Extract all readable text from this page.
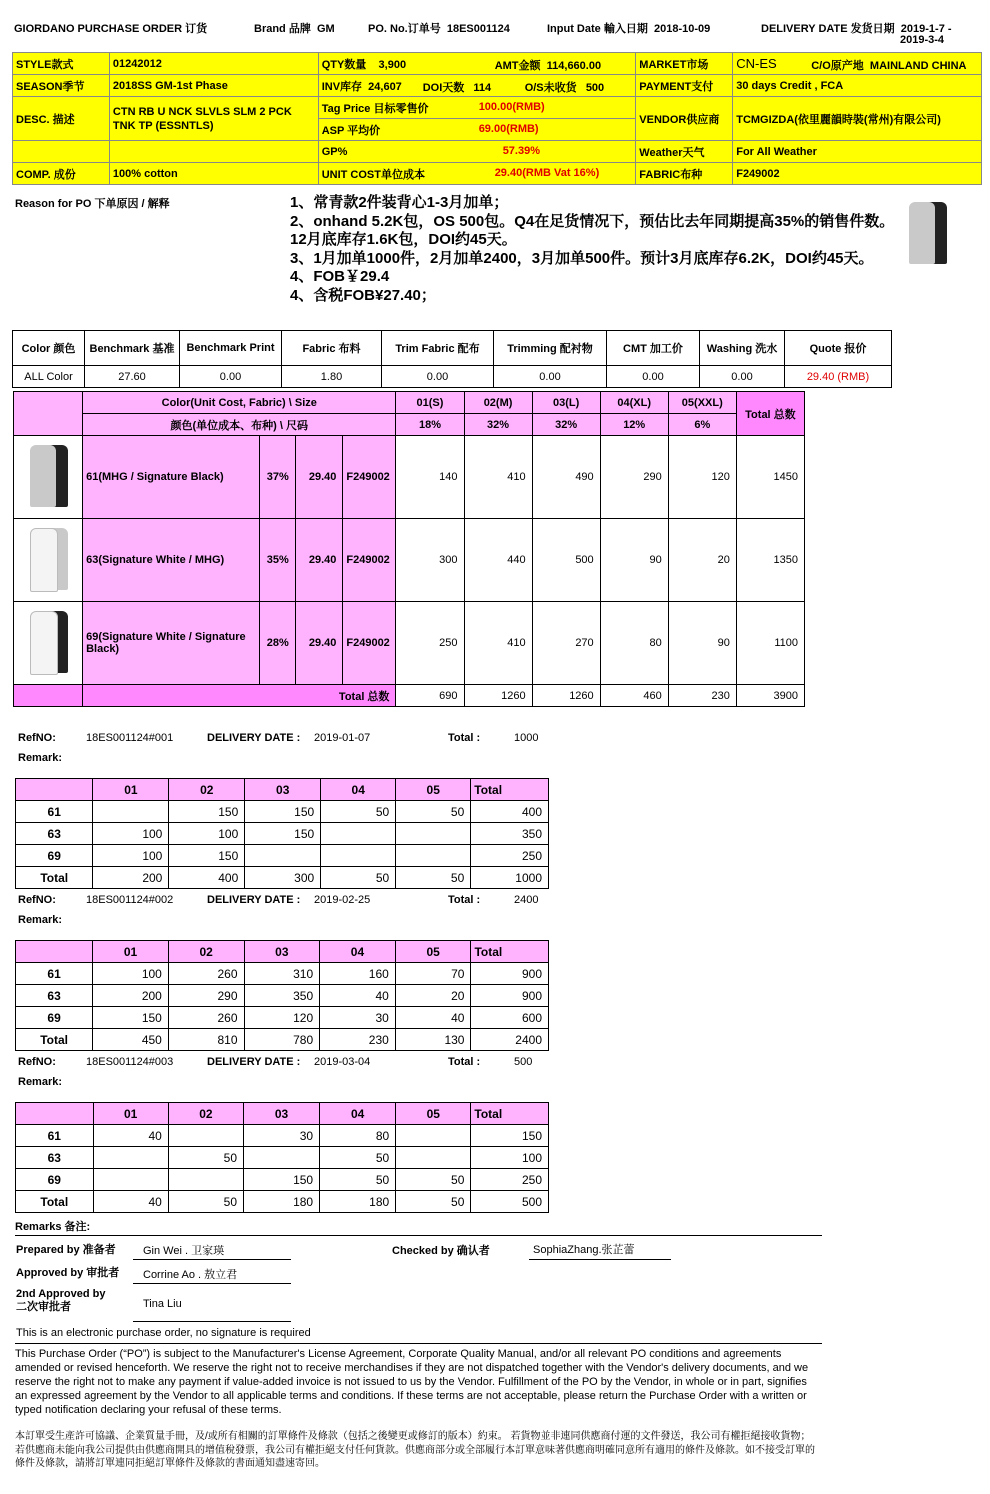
GIORDANO PURCHASE ORDER 订货	Brand 品牌 GM	PO. No.订单号 18ES001124	Input Date 輸入日期 2018-10-09	DELIVERY DATE 发货日期 2019-1-7 -
2019-3-4
STYLE款式	01242012	QTY数量 3,900 AMT金额 114,660.00	MARKET市场	CN-ES C/O原产地 MAINLAND CHINA

SEASON季节	2018SS GM-1st Phase	INV库存 24,607 DOI天数 114 O/S未收货 500	PAYMENT支付	30 days Credit , FCA
DESC. 描述	CTN RB U NCK SLVLS SLM 2 PCK TNK TP (ESSNTLS)	Tag Price 目标零售价 100.00(RMB)	VENDOR供应商	TCMGIZDA(依里麗韻時裝(常州)有限公司)
		ASP 平均价 69.00(RMB)		

		GP% 57.39%	Weather天气	For All Weather
COMP. 成份	100% cotton	UNIT COST单位成本 29.40(RMB Vat 16%)	FABRIC布种	F249002
Reason for PO 下单原因 / 解释	1、常青款2件装背心1-3月加单；
2、onhand 5.2K包，OS 500包。Q4在足货情况下，预估比去年同期提高35%的销售件数。12月底库存1.6K包，DOI约45天。
3、1月加单1000件，2月加单2400，3月加单500件。预计3月底库存6.2K，DOI约45天。
4、FOB￥29.4
4、含税FOB¥27.40；
Color 颜色	Benchmark 基准	Benchmark Print	Fabric 布料	Trim Fabric 配布	Trimming 配衬物	CMT 加工价	Washing 洗水	Quote 报价
ALL Color	27.60	0.00	1.80	0.00	0.00	0.00	0.00	29.40 (RMB)
	Color(Unit Cost, Fabric) \ Size				01(S)	02(M)	03(L)	04(XL)	05(XXL)	Total 总数
	颜色(单位成本、布种) \ 尺码				18%	32%	32%	12%	6%	

	61(MHG / Signature Black)	37%	29.40	F249002	140	410	490	290	120	1450

	63(Signature White / MHG)	35%	29.40	F249002	300	440	500	90	20	1350

	69(Signature White / Signature Black)	28%	29.40	F249002	250	410	270	80	90	1100
	Total 总数				690	1260	1260	460	230	3900
RefNO:	18ES001124#001	DELIVERY DATE : 2019-01-07	Total :	1000
Remark:
	01	02	03	04	05	Total
61		150	150	50	50	400
63	100	100	150			350
69	100	150				250
Total	200	400	300	50	50	1000
RefNO:	18ES001124#002	DELIVERY DATE : 2019-02-25	Total :	2400
Remark:
	01	02	03	04	05	Total
61	100	260	310	160	70	900
63	200	290	350	40	20	900
69	150	260	120	30	40	600
Total	450	810	780	230	130	2400
RefNO:	18ES001124#003	DELIVERY DATE : 2019-03-04	Total :	500
Remark:
	01	02	03	04	05	Total
61	40		30	80		150
63		50		50		100
69			150	50	50	250
Total	40	50	180	180	50	500
Remarks 备注:
Prepared by 准备者 Gin Wei . 卫家瑛	Checked by 确认者	SophiaZhang.张芷蕾
Approved by 审批者 Corrine Ao . 敖立君
2nd Approved by
二次审批者	Tina Liu
This is an electronic purchase order, no signature is required
This Purchase Order (“PO”) is subject to the Manufacturer's License Agreement, Corporate Quality Manual, and/or all relevant PO conditions and agreements amended or revised henceforth. We reserve the right not to receive merchandises if they are not dispatched together with the Vendor's delivery documents, and we reserve the right not to make any payment if value-added invoice is not issued to us by the Vendor. Fulfillment of the PO by the Vendor, in whole or in part, signifies an expressed agreement by the Vendor to all applicable terms and conditions. If these terms are not acceptable, please return the Purchase Order with a written or typed notification declaring your refusal of these terms.
本訂單受生產許可協議、企業質量手冊，及/或所有相關的訂單條件及條款（包括之後變更或修訂的版本）約束。 若貨物並非連同供應商付運的文件發送，我公司有權拒絕接收貨物；若供應商未能向我公司提供由供應商開具的增值稅發票，我公司有權拒絕支付任何貨款。供應商部分或全部履行本訂單意味著供應商明確同意所有適用的條件及條款。如不接受訂單的條件及條款，請將訂單連同拒絕訂單條件及條款的書面通知盡速寄回。
